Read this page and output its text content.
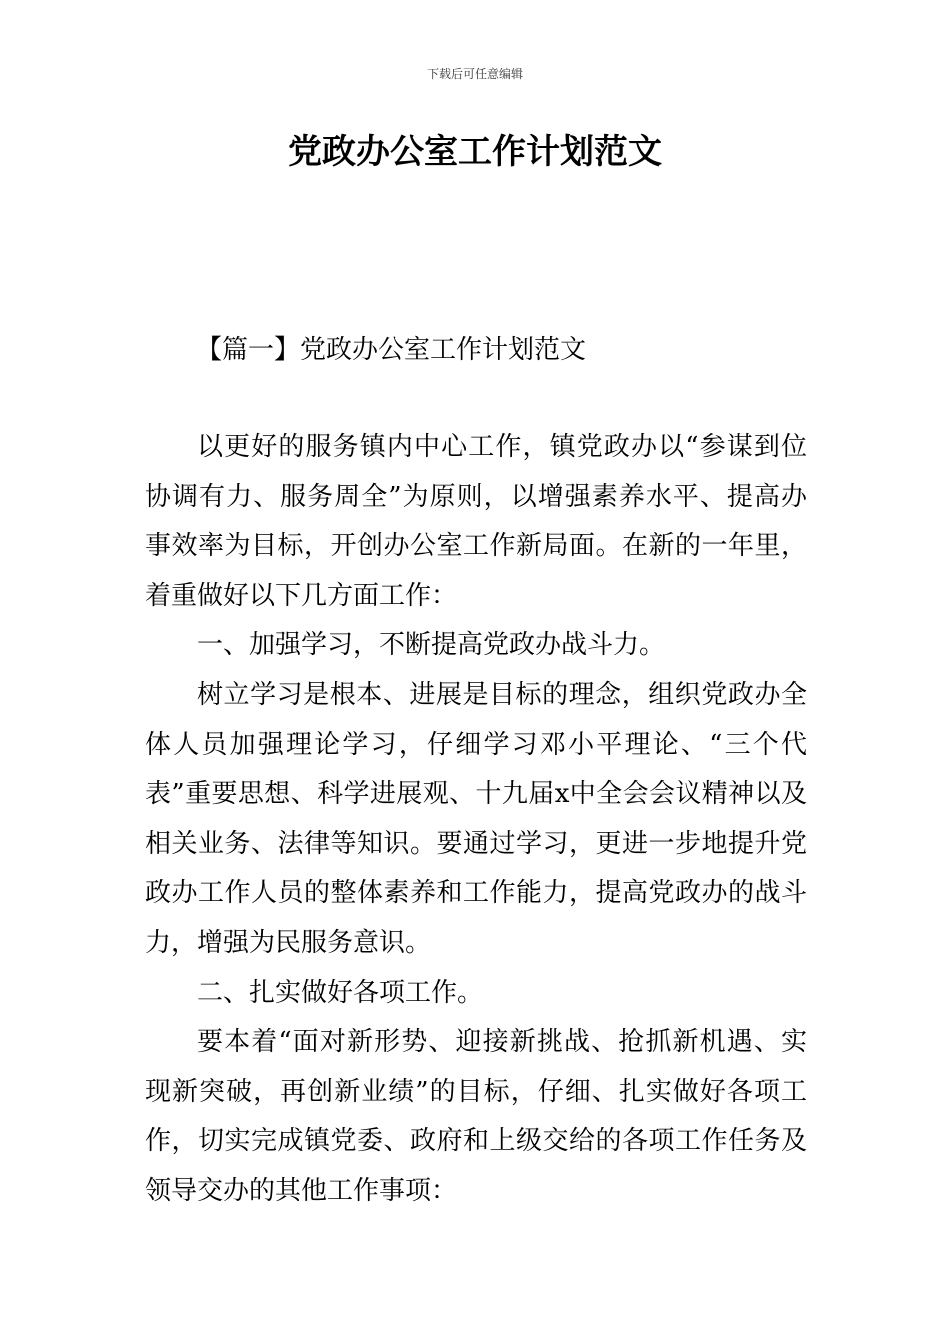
下载后可任意编辑
党政办公室工作计划范文
【篇一】党政办公室工作计划范文

以更好的服务镇内中心工作，镇党政办以“参谋到位协调有力、服务周全”为原则，以增强素养水平、提高办事效率为目标，开创办公室工作新局面。在新的一年里，着重做好以下几方面工作：

一、加强学习，不断提高党政办战斗力。

树立学习是根本、进展是目标的理念，组织党政办全体人员加强理论学习，仔细学习邓小平理论、“三个代表”重要思想、科学进展观、十九届x中全会会议精神以及相关业务、法律等知识。要通过学习，更进一步地提升党政办工作人员的整体素养和工作能力，提高党政办的战斗力，增强为民服务意识。

二、扎实做好各项工作。

要本着“面对新形势、迎接新挑战、抢抓新机遇、实现新突破，再创新业绩”的目标，仔细、扎实做好各项工作，切实完成镇党委、政府和上级交给的各项工作任务及领导交办的其他工作事项：
